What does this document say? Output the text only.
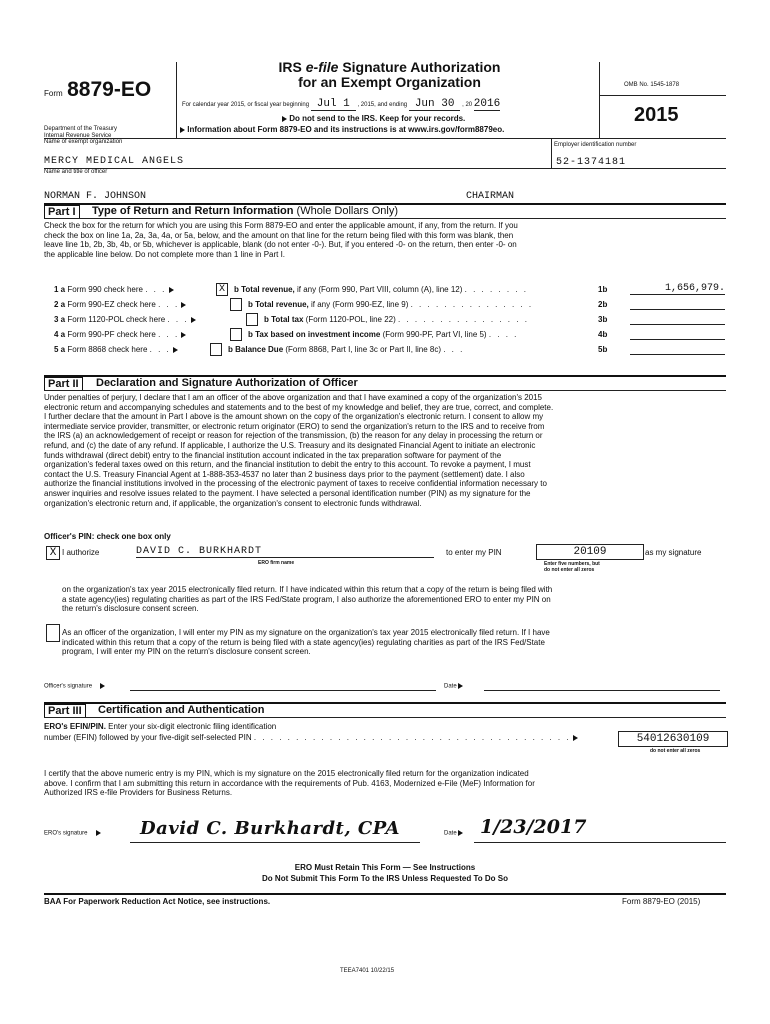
Form 8879-EO
Department of the Treasury
Internal Revenue Service
IRS e-file Signature Authorization
for an Exempt Organization
For calendar year 2015, or fiscal year beginning Jul 1 , 2015, and ending Jun 30 , 20 2016
Do not send to the IRS. Keep for your records.
Information about Form 8879-EO and its instructions is at www.irs.gov/form8879eo.
OMB No. 1545-1878
2015
Name of exempt organization	Employer identification number
MERCY MEDICAL ANGELS	52-1374181
Name and title of officer
NORMAN F. JOHNSON	CHAIRMAN
Part I	Type of Return and Return Information (Whole Dollars Only)
Check the box for the return for which you are using this Form 8879-EO and enter the applicable amount, if any, from the return. If you
check the box on line 1a, 2a, 3a, 4a, or 5a, below, and the amount on that line for the return being filed with this form was blank, then
leave line 1b, 2b, 3b, 4b, or 5b, whichever is applicable, blank (do not enter -0-). But, if you entered -0- on the return, then enter -0- on
the applicable line below. Do not complete more than 1 line in Part I.
1 a Form 990 check here . . .	X	b Total revenue, if any (Form 990, Part VIII, column (A), line 12) . . . . . . . .	1b	1,656,979.
2 a Form 990-EZ check here . . .	b Total revenue, if any (Form 990-EZ, line 9) . . . . . . . . . . . . . . .	2b
3 a Form 1120-POL check here . . .	b Total tax (Form 1120-POL, line 22) . . . . . . . . . . . . . . . .	3b
4 a Form 990-PF check here . . .	b Tax based on investment income (Form 990-PF, Part VI, line 5) . . . .	4b
5 a Form 8868 check here . . .	b Balance Due (Form 8868, Part I, line 3c or Part II, line 8c) . . .	5b
Part II	Declaration and Signature Authorization of Officer
Under penalties of perjury, I declare that I am an officer of the above organization and that I have examined a copy of the organization's 2015
electronic return and accompanying schedules and statements and to the best of my knowledge and belief, they are true, correct, and complete.
I further declare that the amount in Part I above is the amount shown on the copy of the organization's electronic return. I consent to allow my
intermediate service provider, transmitter, or electronic return originator (ERO) to send the organization's return to the IRS and to receive from
the IRS (a) an acknowledgement of receipt or reason for rejection of the transmission, (b) the reason for any delay in processing the return or
refund, and (c) the date of any refund. If applicable, I authorize the U.S. Treasury and its designated Financial Agent to initiate an electronic
funds withdrawal (direct debit) entry to the financial institution account indicated in the tax preparation software for payment of the
organization's federal taxes owed on this return, and the financial institution to debit the entry to this account. To revoke a payment, I must
contact the U.S. Treasury Financial Agent at 1-888-353-4537 no later than 2 business days prior to the payment (settlement) date. I also
authorize the financial institutions involved in the processing of the electronic payment of taxes to receive confidential information necessary to
answer inquiries and resolve issues related to the payment. I have selected a personal identification number (PIN) as my signature for the
organization's electronic return and, if applicable, the organization's consent to electronic funds withdrawal.
Officer's PIN: check one box only
X I authorize	DAVID C. BURKHARDT
ERO firm name
to enter my PIN	20109	as my signature
Enter five numbers, but
do not enter all zeros
on the organization's tax year 2015 electronically filed return. If I have indicated within this return that a copy of the return is being filed with
a state agency(ies) regulating charities as part of the IRS Fed/State program, I also authorize the aforementioned ERO to enter my PIN on
the return's disclosure consent screen.
As an officer of the organization, I will enter my PIN as my signature on the organization's tax year 2015 electronically filed return. If I have
indicated within this return that a copy of the return is being filed with a state agency(ies) regulating charities as part of the IRS Fed/State
program, I will enter my PIN on the return's disclosure consent screen.
Officer's signature	Date
Part III	Certification and Authentication
ERO's EFIN/PIN. Enter your six-digit electronic filing identification
number (EFIN) followed by your five-digit self-selected PIN . . . . . . . . . . . . . . . . . . . . . . . . . . . . . . . . . . . . . .	54012630109
do not enter all zeros
I certify that the above numeric entry is my PIN, which is my signature on the 2015 electronically filed return for the organization indicated
above. I confirm that I am submitting this return in accordance with the requirements of Pub. 4163, Modernized e-File (MeF) Information for
Authorized IRS e-file Providers for Business Returns.
ERO's signature	David C. Burkhardt, CPA	Date	1/23/2017
ERO Must Retain This Form — See Instructions
Do Not Submit This Form To the IRS Unless Requested To Do So
BAA For Paperwork Reduction Act Notice, see instructions.	Form 8879-EO (2015)
TEEA7401 10/22/15
